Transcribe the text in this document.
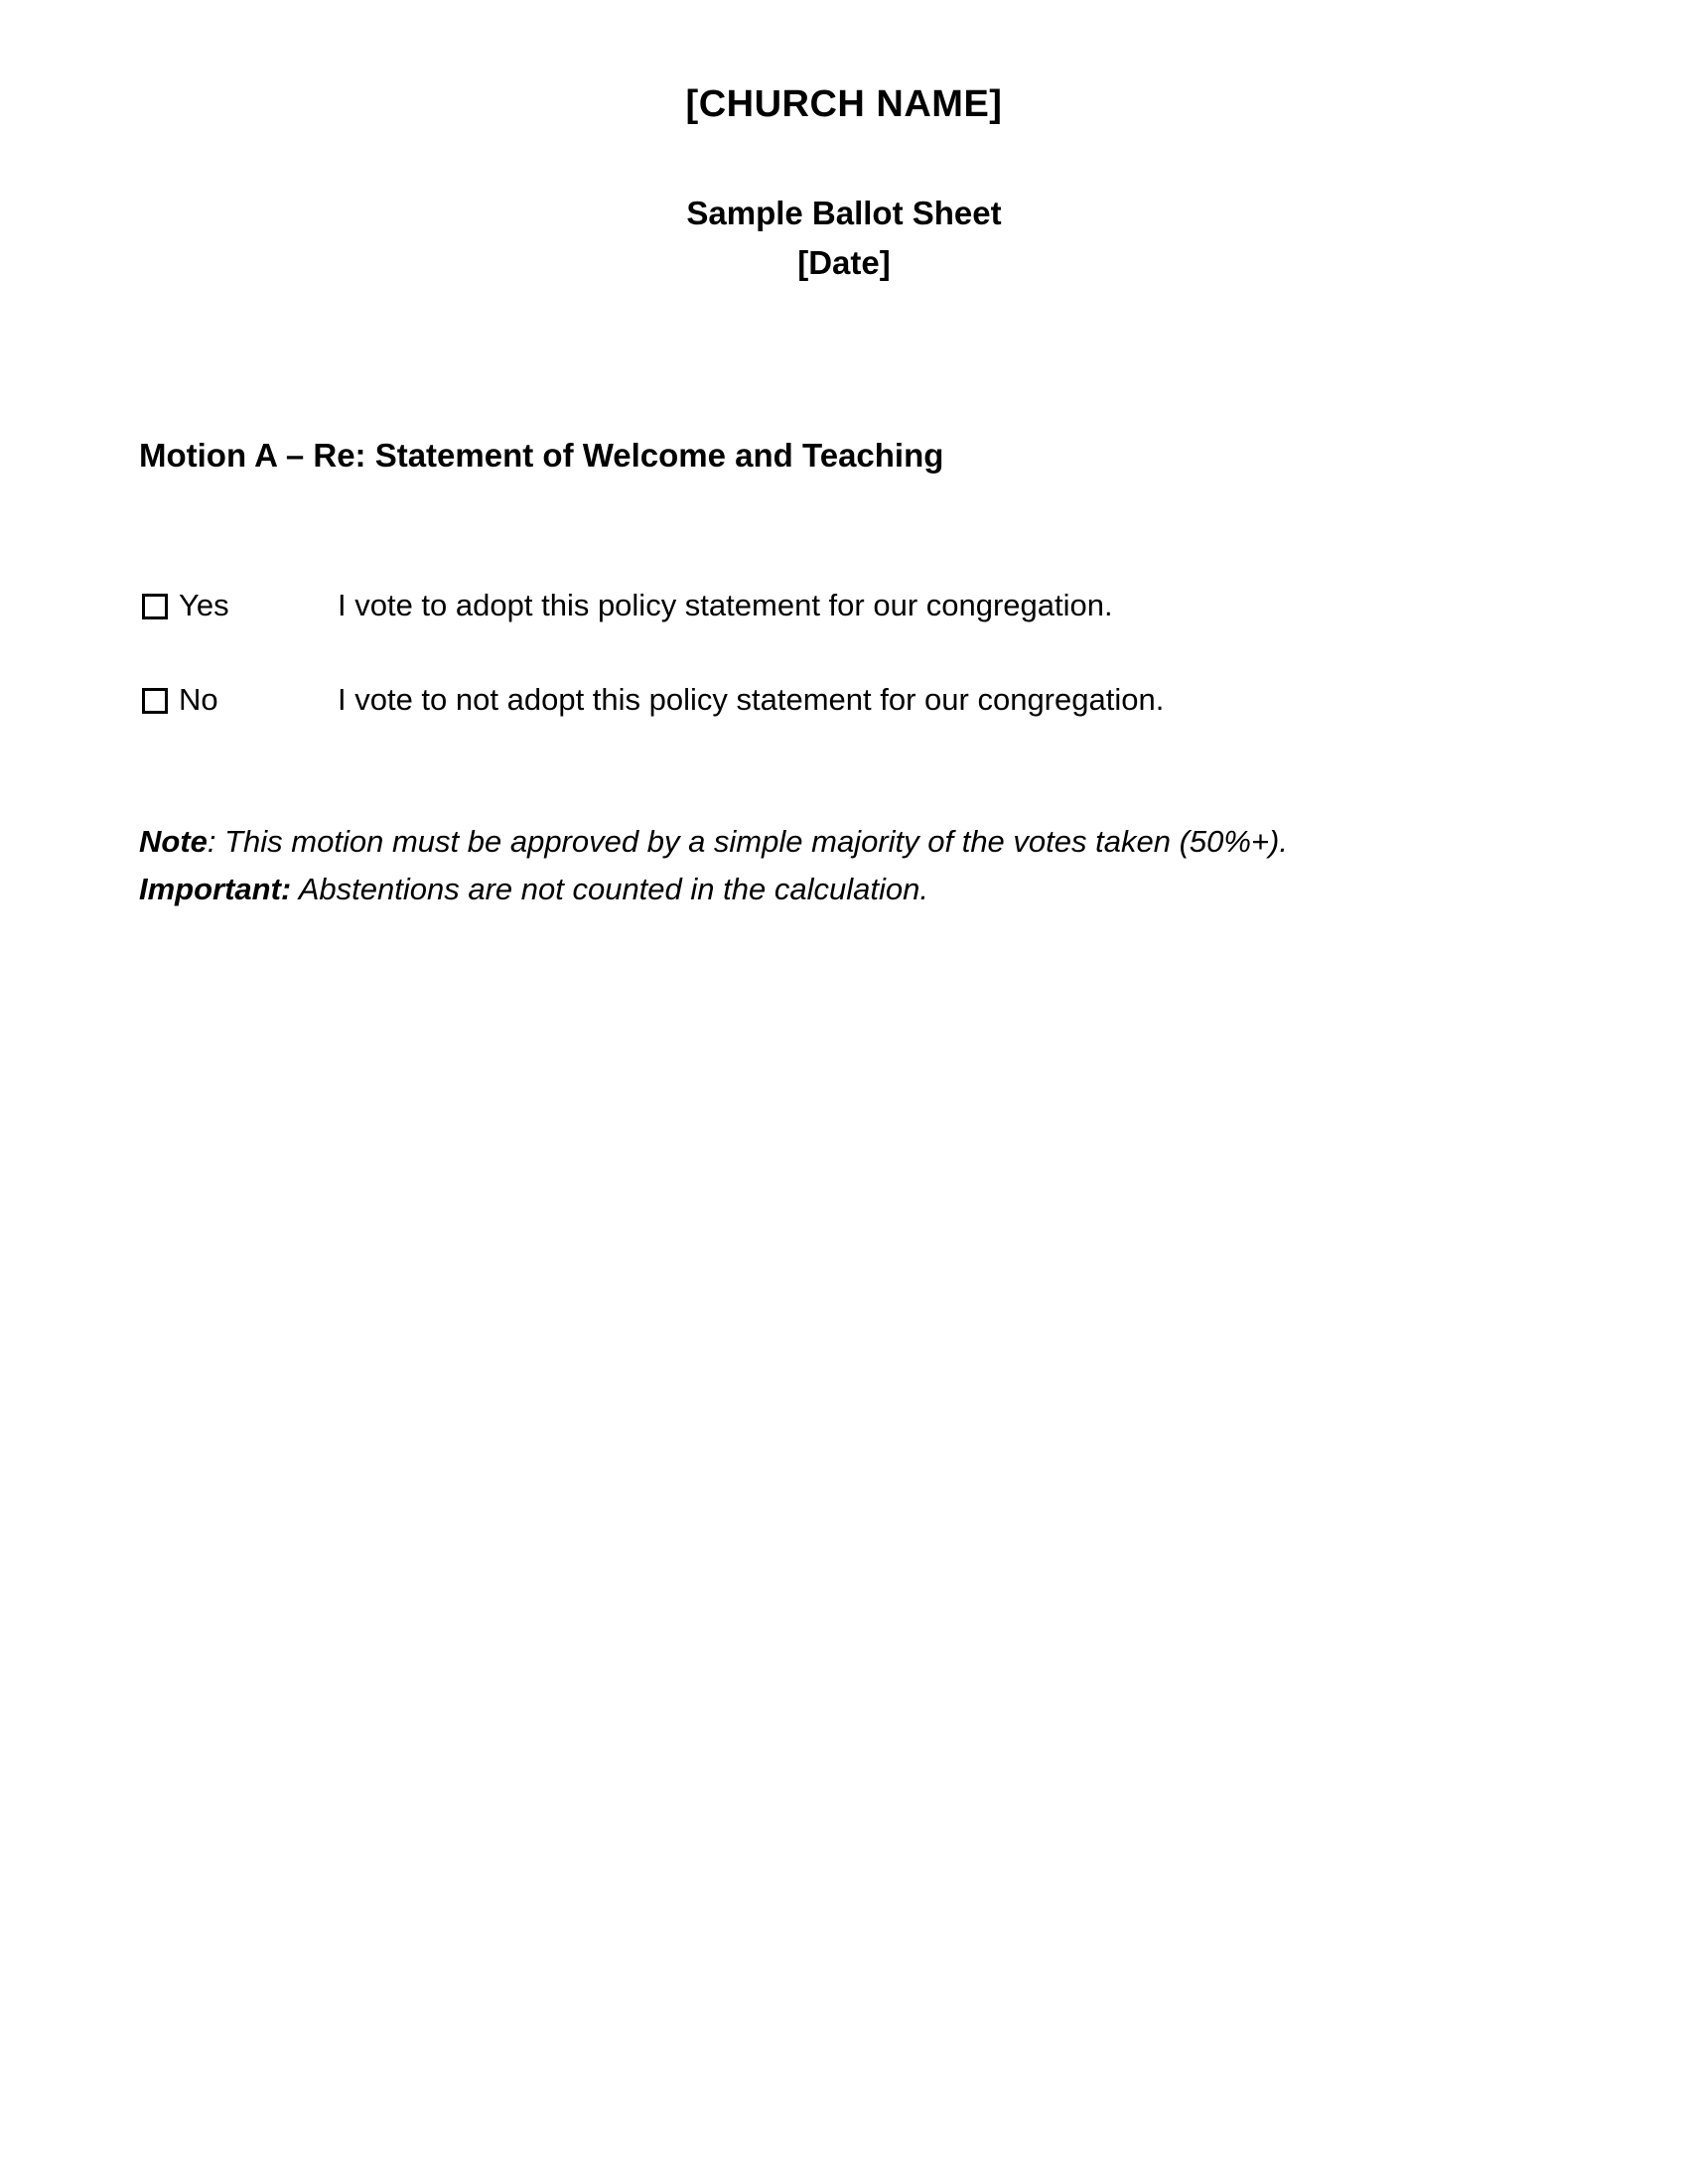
[CHURCH NAME]
Sample Ballot Sheet
[Date]
Motion A – Re: Statement of Welcome and Teaching
Yes	I vote to adopt this policy statement for our congregation.
No	I vote to not adopt this policy statement for our congregation.
Note: This motion must be approved by a simple majority of the votes taken (50%+).
Important: Abstentions are not counted in the calculation.
